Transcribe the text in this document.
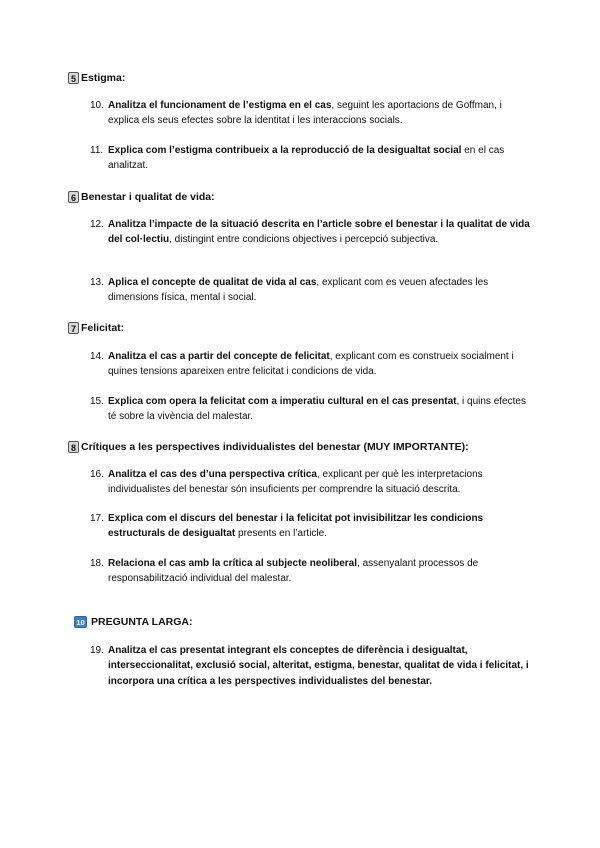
5 Estigma:
10. Analitza el funcionament de l’estigma en el cas, seguint les aportacions de Goffman, i explica els seus efectes sobre la identitat i les interaccions socials.
11. Explica com l’estigma contribueix a la reproducció de la desigualtat social en el cas analitzat.
6 Benestar i qualitat de vida:
12. Analitza l’impacte de la situació descrita en l’article sobre el benestar i la qualitat de vida del col·lectiu, distingint entre condicions objectives i percepció subjectiva.
13. Aplica el concepte de qualitat de vida al cas, explicant com es veuen afectades les dimensions física, mental i social.
7 Felicitat:
14. Analitza el cas a partir del concepte de felicitat, explicant com es construeix socialment i quines tensions apareixen entre felicitat i condicions de vida.
15. Explica com opera la felicitat com a imperatiu cultural en el cas presentat, i quins efectes té sobre la vivència del malestar.
8 Crítiques a les perspectives individualistes del benestar (MUY IMPORTANTE):
16. Analitza el cas des d’una perspectiva crítica, explicant per què les interpretacions individualistes del benestar són insuficients per comprendre la situació descrita.
17. Explica com el discurs del benestar i la felicitat pot invisibilitzar les condicions estructurals de desigualtat presents en l’article.
18. Relaciona el cas amb la crítica al subjecte neoliberal, assenyalant processos de responsabilització individual del malestar.
10 PREGUNTA LARGA:
19. Analitza el cas presentat integrant els conceptes de diferència i desigualtat, interseccionalitat, exclusió social, alteritat, estigma, benestar, qualitat de vida i felicitat, i incorpora una crítica a les perspectives individualistes del benestar.
